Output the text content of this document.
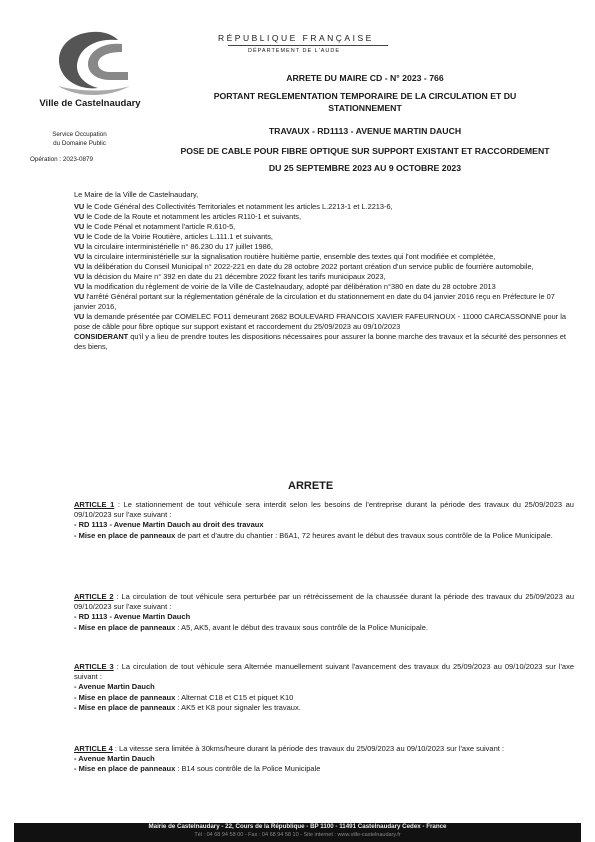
Ville de Castelnaudary
Service Occupation
du Domaine Public
Opération : 2023-0879
RÉPUBLIQUE FRANÇAISE
DÉPARTEMENT DE L'AUDE
ARRETE DU MAIRE CD - N° 2023 - 766
PORTANT REGLEMENTATION TEMPORAIRE DE LA CIRCULATION ET DU
STATIONNEMENT
TRAVAUX - RD1113 - AVENUE MARTIN DAUCH
POSE DE CABLE POUR FIBRE OPTIQUE SUR SUPPORT EXISTANT ET RACCORDEMENT
DU 25 SEPTEMBRE 2023 AU 9 OCTOBRE 2023
Le Maire de la Ville de Castelnaudary,
VU le Code Général des Collectivités Territoriales et notamment les articles L.2213-1 et L.2213-6,
VU le Code de la Route et notamment les articles R110-1 et suivants,
VU le Code Pénal et notamment l'article R.610-5,
VU le Code de la Voirie Routière, articles L.111.1 et suivants,
VU la circulaire interministérielle n° 86.230 du 17 juillet 1986,
VU la circulaire interministérielle sur la signalisation routière huitième partie, ensemble des textes qui l'ont modifiée et complétée,
VU la délibération du Conseil Municipal n° 2022-221 en date du 28 octobre 2022 portant création d'un service public de fourrière automobile,
VU la décision du Maire n° 392 en date du 21 décembre 2022 fixant les tarifs municipaux 2023,
VU la modification du règlement de voirie de la Ville de Castelnaudary, adopté par délibération n°380 en date du 28 octobre 2013
VU l'arrêté Général portant sur la réglementation générale de la circulation et du stationnement en date du 04 janvier 2016 reçu en Préfecture le 07 janvier 2016,
VU la demande présentée par COMELEC FO11 demeurant 2682 BOULEVARD FRANCOIS XAVIER FAFEURNOUX - 11000 CARCASSONNE pour la pose de câble pour fibre optique sur support existant et raccordement du 25/09/2023 au 09/10/2023
CONSIDERANT qu'il y a lieu de prendre toutes les dispositions nécessaires pour assurer la bonne marche des travaux et la sécurité des personnes et des biens,
ARRETE
ARTICLE 1 : Le stationnement de tout véhicule sera interdit selon les besoins de l'entreprise durant la période des travaux du 25/09/2023 au 09/10/2023 sur l'axe suivant :
- RD 1113 - Avenue Martin Dauch au droit des travaux
- Mise en place de panneaux de part et d'autre du chantier : B6A1, 72 heures avant le début des travaux sous contrôle de la Police Municipale.
ARTICLE 2 : La circulation de tout véhicule sera perturbée par un rétrécissement de la chaussée durant la période des travaux du 25/09/2023 au 09/10/2023 sur l'axe suivant :
- RD 1113 - Avenue Martin Dauch
- Mise en place de panneaux : A5, AK5, avant le début des travaux sous contrôle de la Police Municipale.
ARTICLE 3 : La circulation de tout véhicule sera Alternée manuellement suivant l'avancement des travaux du 25/09/2023 au 09/10/2023 sur l'axe suivant :
- Avenue Martin Dauch
- Mise en place de panneaux : Alternat C18 et C15 et piquet K10
- Mise en place de panneaux : AK5 et K8 pour signaler les travaux.
ARTICLE 4 : La vitesse sera limitée à 30kms/heure durant la période des travaux du 25/09/2023 au 09/10/2023 sur l'axe suivant :
- Avenue Martin Dauch
- Mise en place de panneaux : B14 sous contrôle de la Police Municipale
Mairie de Castelnaudary - 22, Cours de la République - BP 1100 - 11491 Castelnaudary Cedex - France
Tél : 04 68 94 58 00 - Fax : 04 68 94 58 10 - Site internet : www.ville-castelnaudary.fr
